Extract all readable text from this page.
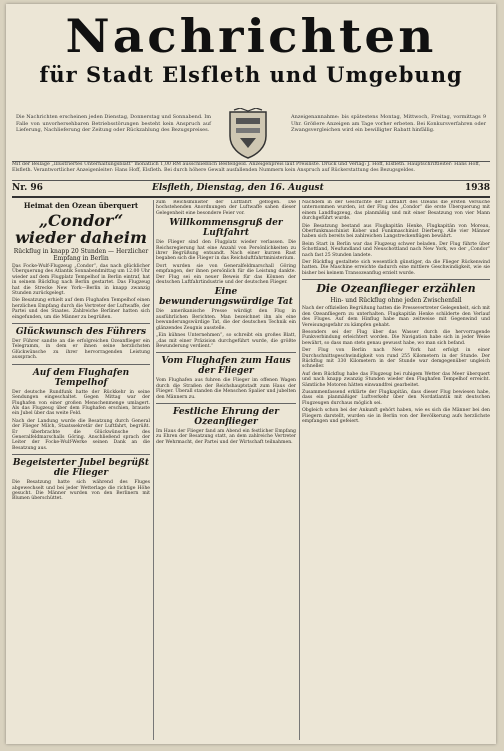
Nachrichten
für Stadt Elsfleth und Umgebung
Die Nachrichten erscheinen jeden Dienstag, Donnerstag und Sonnabend. Im Falle von unvorhersehbaren Betriebsstörungen besteht kein Anspruch auf Lieferung, Nachlieferung der Zeitung oder Rückzahlung des Bezugspreises.
Anzeigenannahme: bis spätestens Montag, Mittwoch, Freitag, vormittags 9 Uhr. Größere Anzeigen am Tage vorher erbeten. Bei Konkursverfahren oder Zwangsvergleichen wird ein bewilligter Rabatt hinfällig.
Mit der Beilage „Illustriertes Unterhaltungsblatt“ monatlich 1,00 RM ausschließlich Bestellgeld. Anzeigenpreis laut Preisliste. Druck und Verlag: J. Hoff, Elsfleth. Hauptschriftleiter: Hans Hoff, Elsfleth. Verantwortlicher Anzeigenleiter: Hans Hoff, Elsfleth. Bei durch höhere Gewalt ausfallenden Nummern kein Anspruch auf Rückerstattung des Bezugsgeldes.
Nr. 96	Elsfleth, Dienstag, den 16. August	1938
Heimat den Ozean überquert
„Condor“ wieder daheim
Rückflug in knapp 20 Stunden — Herzlicher Empfang in Berlin

Das Focke-Wulf-Flugzeug „Condor“, das nach glücklicher Überquerung des Atlantik Sonnabendmittag um 12.00 Uhr wieder auf dem Flugplatz Tempelhof in Berlin eintraf, hat in seinem Rückflug nach Berlin gestartet. Das Flugzeug hat die Strecke New York—Berlin in knapp zwanzig Stunden zurückgelegt.

Die Besatzung erhielt auf dem Flughafen Tempelhof einen herzlichen Empfang durch die Vertreter der Luftwaffe, der Partei und des Staates. Zahlreiche Berliner hatten sich eingefunden, um die Männer zu begrüßen.

Glückwunsch des Führers

Der Führer sandte an die erfolgreichen Ozeanflieger ein Telegramm, in dem er ihnen seine herzlichsten Glückwünsche zu ihrer hervorragenden Leistung aussprach.

Auf dem Flughafen Tempelhof

Der deutsche Rundfunk hatte der Rückkehr in seine Sendungen eingeschaltet. Gegen Mittag war der Flughafen von einer großen Menschenmenge umlagert. Als das Flugzeug über dem Flughafen erschien, brauste ein Jubel über das weite Feld.

Nach der Landung wurde die Besatzung durch General der Flieger Milch, Staatssekretär der Luftfahrt, begrüßt. Er überbrachte die Glückwünsche des Generalfeldmarschalls Göring. Anschließend sprach der Leiter der Focke-Wulf-Werke seinen Dank an die Besatzung aus.

Begeisterter Jubel begrüßt die Flieger

Die Besatzung hatte sich während des Fluges abgewechselt und bei jeder Wetterlage die richtige Höhe gesucht. Die Männer wurden von den Berlinern mit Blumen überschüttet.

zum Reichsminister der Luftfahrt geflogen. Die hochstehenden Anordnungen der Luftwaffe sahen dieser Gelegenheit eine besondere Feier vor.

Willkommensgruß der Luftfahrt

Die Flieger sind den Flugplatz wieder verlassen. Die Reichsregierung hat eine Anzahl von Persönlichkeiten zu ihrer Begrüßung entsandt. Nach einer kurzen Rast begaben sich die Flieger in das Reichsluftfahrtministerium.

Dort wurden sie von Generalfeldmarschall Göring empfangen, der ihnen persönlich für die Leistung dankte. Der Flug sei ein neuer Beweis für das Können der deutschen Luftfahrtindustrie und der deutschen Flieger.

Eine bewunderungswürdige Tat

Die amerikanische Presse würdigt den Flug in ausführlichen Berichten. Man bezeichnet ihn als eine bewunderungswürdige Tat, die der deutschen Technik ein glänzendes Zeugnis ausstelle.

„Ein kühnes Unternehmen“, so schreibt ein großes Blatt, „das mit einer Präzision durchgeführt wurde, die größte Bewunderung verdient.“

Vom Flughafen zum Haus der Flieger

Vom Flughafen aus fuhren die Flieger im offenen Wagen durch die Straßen der Reichshauptstadt zum Haus der Flieger. Überall standen die Menschen Spalier und jubelten den Männern zu.

Festliche Ehrung der Ozeanflieger

Im Haus der Flieger fand am Abend ein festlicher Empfang zu Ehren der Besatzung statt, an dem zahlreiche Vertreter der Wehrmacht, der Partei und der Wirtschaft teilnahmen.

Nachdem in der Geschichte der Luftfahrt des Ozeans die ersten Versuche unternommen wurden, ist der Flug des „Condor“ die erste Überquerung mit einem Landflugzeug, das planmäßig und mit einer Besatzung von vier Mann durchgeführt wurde.

Die Besatzung bestand aus Flugkapitän Henke, Flugkapitän von Moreau, Oberfunkmaschinist Kober und Funkmaschinist Dierberg. Alle vier Männer haben sich bereits bei zahlreichen Langstreckenflügen bewährt.

Beim Start in Berlin war das Flugzeug schwer beladen. Der Flug führte über Schottland, Neufundland und Neuschottland nach New York, wo der „Condor“ nach fast 25 Stunden landete.

Der Rückflug gestaltete sich wesentlich günstiger, da die Flieger Rückenwind hatten. Die Maschine erreichte dadurch eine mittlere Geschwindigkeit, wie sie bisher bei keinem Transozeanflug erzielt wurde.

Die Ozeanflieger erzählen
Hin- und Rückflug ohne jeden Zwischenfall

Nach der offiziellen Begrüßung hatten die Pressevertreter Gelegenheit, sich mit den Ozeanfliegern zu unterhalten. Flugkapitän Henke schilderte den Verlauf des Fluges. Auf dem Hinflug habe man zeitweise mit Gegenwind und Vereisungsgefahr zu kämpfen gehabt.

Besonders sei der Flug über das Wasser durch die hervorragende Funkverbindung erleichtert worden. Die Navigation habe sich in jeder Weise bewährt, so dass man stets genau gewusst habe, wo man sich befand.

Der Flug von Berlin nach New York hat erfolgt in einer Durchschnittsgeschwindigkeit von rund 255 Kilometern in der Stunde. Der Rückflug mit 330 Kilometern in der Stunde war demgegenüber ungleich schneller.

Auf dem Rückflug habe das Flugzeug bei ruhigem Wetter das Meer überquert und nach knapp zwanzig Stunden wieder den Flughafen Tempelhof erreicht. Sämtliche Motoren hätten einwandfrei gearbeitet.

Zusammenfassend erklärte der Flugkapitän, dass dieser Flug bewiesen habe, dass ein planmäßiger Luftverkehr über den Nordatlantik mit deutschen Flugzeugen durchaus möglich sei.

Obgleich schon bei der Ankunft gehört haben, wie es sich die Männer bei den Fliegern darstellt, wurden sie in Berlin von der Bevölkerung aufs herzlichste empfangen und gefeiert.
